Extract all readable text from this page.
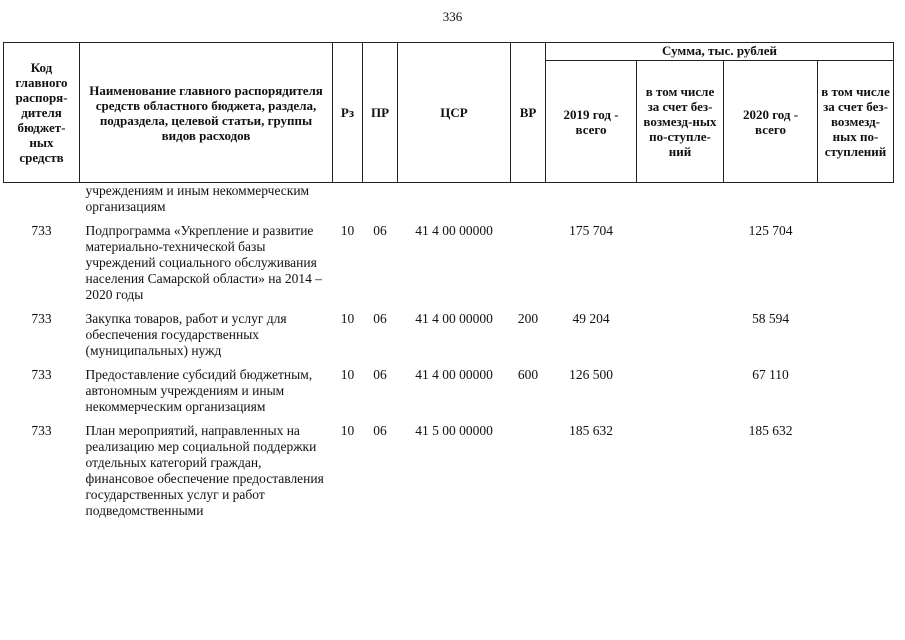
336
Код главного распоря-дителя бюджет-ных средств	Наименование главного распорядителя средств областного бюджета, раздела, подраздела, целевой статьи, группы видов расходов	Рз	ПР	ЦСР	ВР	Сумма, тыс. рублей			
						2019 год - всего	в том числе за счет без-возмезд-ных по-ступле-ний	2020 год - всего	в том числе за счет без-возмезд-ных по-ступлений
	учреждениям и иным некоммерческим организациям								
733	Подпрограмма «Укрепление и развитие материально-технической базы учреждений социального обслуживания населения Самарской области» на 2014 – 2020 годы	10	06	41 4 00 00000		175 704		125 704	
733	Закупка товаров, работ и услуг для обеспечения государственных (муниципальных) нужд	10	06	41 4 00 00000	200	49 204		58 594	
733	Предоставление субсидий бюджетным, автономным учреждениям и иным некоммерческим организациям	10	06	41 4 00 00000	600	126 500		67 110	
733	План мероприятий, направленных на реализацию мер социальной поддержки отдельных категорий граждан, финансовое обеспечение предоставления государственных услуг и работ подведомственными	10	06	41 5 00 00000		185 632		185 632	
